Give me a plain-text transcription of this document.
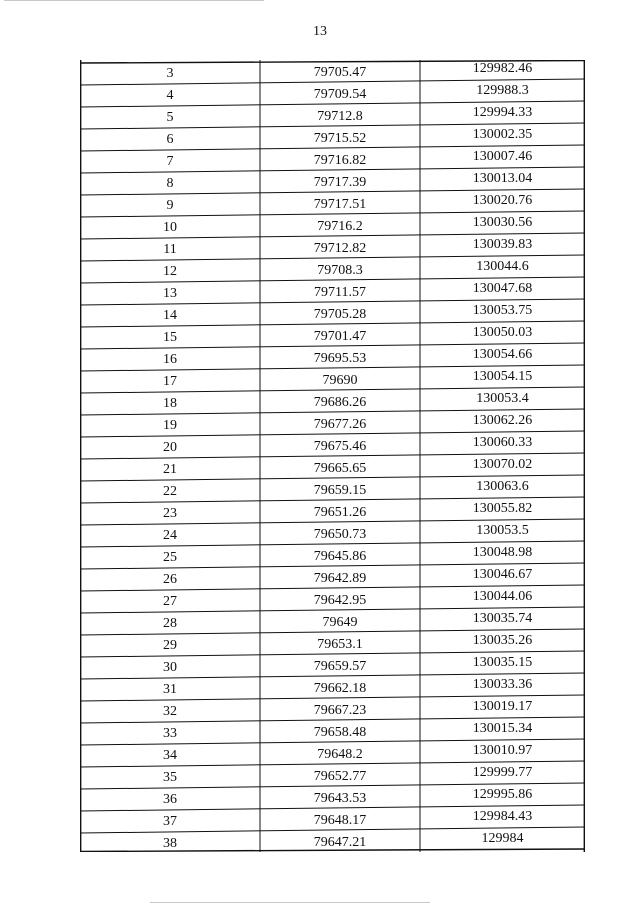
13
3	79705.47	129982.46
4	79709.54	129988.3
5	79712.8	129994.33
6	79715.52	130002.35
7	79716.82	130007.46
8	79717.39	130013.04
9	79717.51	130020.76
10	79716.2	130030.56
11	79712.82	130039.83
12	79708.3	130044.6
13	79711.57	130047.68
14	79705.28	130053.75
15	79701.47	130050.03
16	79695.53	130054.66
17	79690	130054.15
18	79686.26	130053.4
19	79677.26	130062.26
20	79675.46	130060.33
21	79665.65	130070.02
22	79659.15	130063.6
23	79651.26	130055.82
24	79650.73	130053.5
25	79645.86	130048.98
26	79642.89	130046.67
27	79642.95	130044.06
28	79649	130035.74
29	79653.1	130035.26
30	79659.57	130035.15
31	79662.18	130033.36
32	79667.23	130019.17
33	79658.48	130015.34
34	79648.2	130010.97
35	79652.77	129999.77
36	79643.53	129995.86
37	79648.17	129984.43
38	79647.21	129984
